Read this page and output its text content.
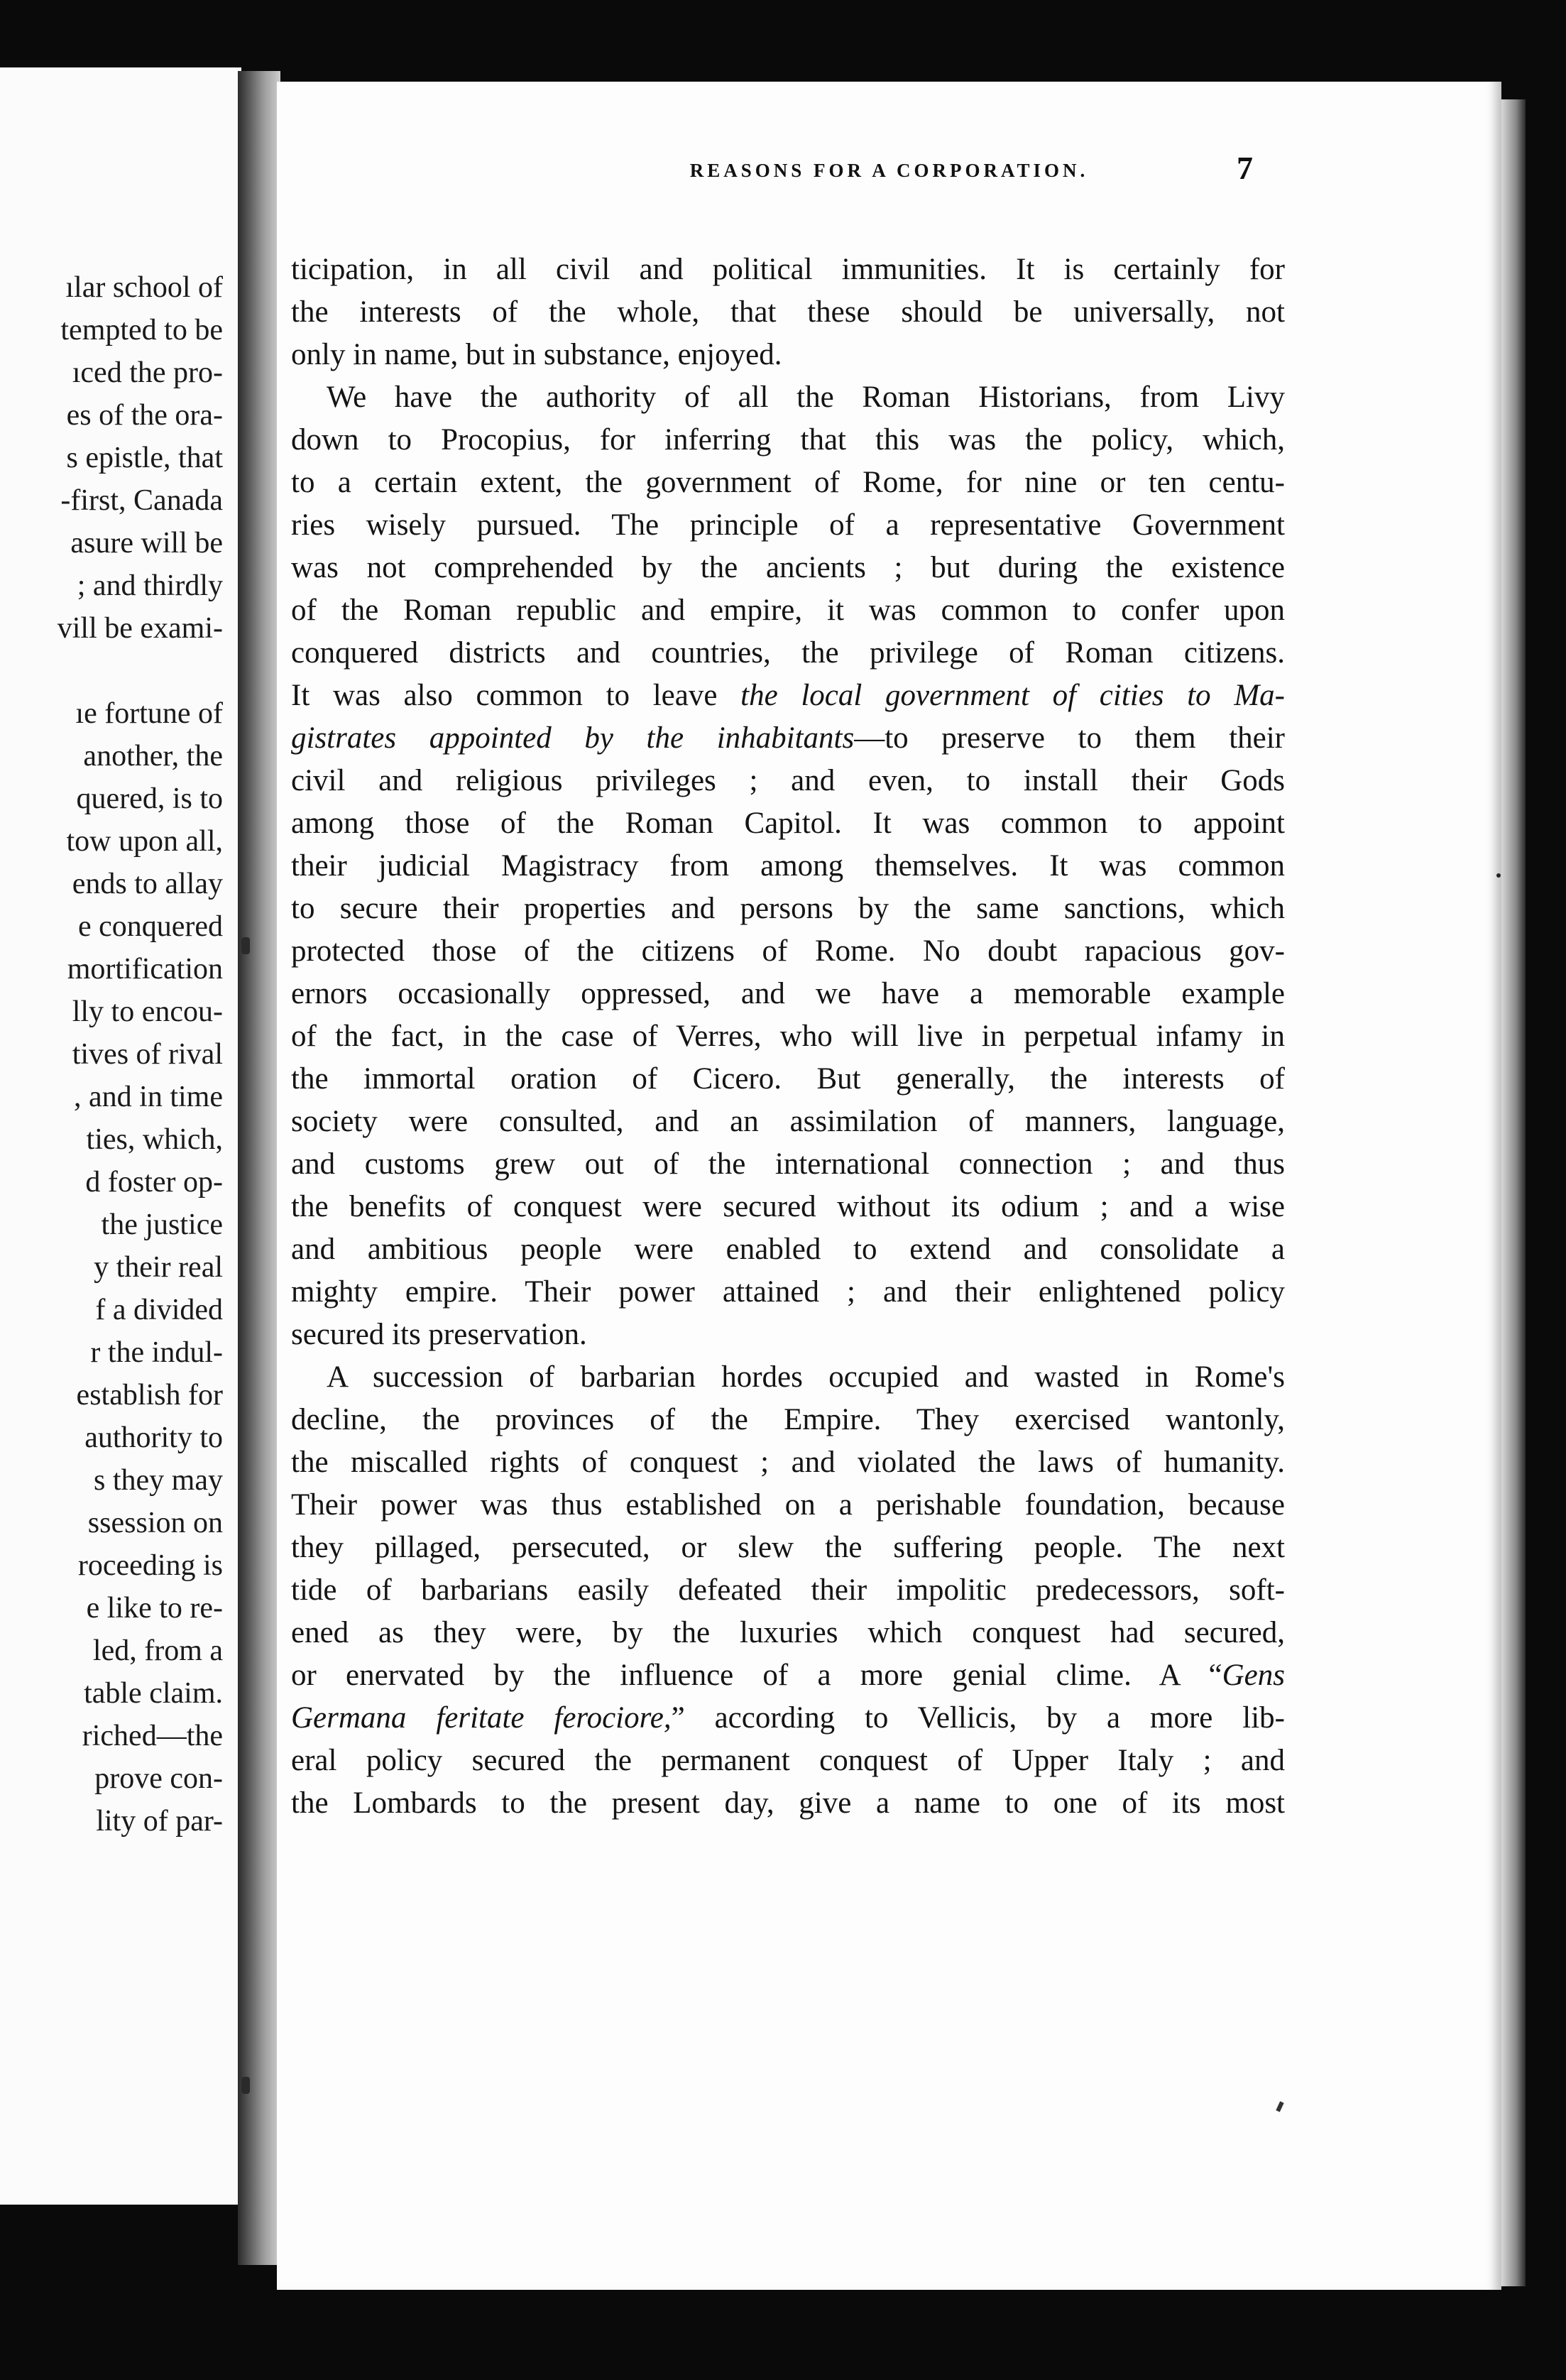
ılar school of
tempted to be
ıced the pro-
es of the ora-
s epistle, that
-first, Canada
asure will be
; and thirdly
vill be exami-
ıe fortune of
another, the
quered, is to
tow upon all,
ends to allay
e conquered
mortification
lly to encou-
tives of rival
, and in time
ties, which,
d foster op-
the justice
y their real
f a divided
r the indul-
establish for
authority to
s they may
ssession on
roceeding is
e like to re-
led, from a
table claim.
riched—the
prove con-
lity of par-
REASONS FOR A CORPORATION.	7
ticipation, in all civil and political immunities. It is certainly for
the interests of the whole, that these should be universally, not
only in name, but in substance, enjoyed.
We have the authority of all the Roman Historians, from Livy
down to Procopius, for inferring that this was the policy, which,
to a certain extent, the government of Rome, for nine or ten centu-
ries wisely pursued. The principle of a representative Government
was not comprehended by the ancients ; but during the existence
of the Roman republic and empire, it was common to confer upon
conquered districts and countries, the privilege of Roman citizens.
It was also common to leave the local government of cities to Ma-
gistrates appointed by the inhabitants—to preserve to them their
civil and religious privileges ; and even, to install their Gods
among those of the Roman Capitol. It was common to appoint
their judicial Magistracy from among themselves. It was common
to secure their properties and persons by the same sanctions, which
protected those of the citizens of Rome. No doubt rapacious gov-
ernors occasionally oppressed, and we have a memorable example
of the fact, in the case of Verres, who will live in perpetual infamy in
the immortal oration of Cicero. But generally, the interests of
society were consulted, and an assimilation of manners, language,
and customs grew out of the international connection ; and thus
the benefits of conquest were secured without its odium ; and a wise
and ambitious people were enabled to extend and consolidate a
mighty empire. Their power attained ; and their enlightened policy
secured its preservation.
A succession of barbarian hordes occupied and wasted in Rome's
decline, the provinces of the Empire. They exercised wantonly,
the miscalled rights of conquest ; and violated the laws of humanity.
Their power was thus established on a perishable foundation, because
they pillaged, persecuted, or slew the suffering people. The next
tide of barbarians easily defeated their impolitic predecessors, soft-
ened as they were, by the luxuries which conquest had secured,
or enervated by the influence of a more genial clime. A “Gens
Germana feritate ferociore,” according to Vellicis, by a more lib-
eral policy secured the permanent conquest of Upper Italy ; and
the Lombards to the present day, give a name to one of its most
